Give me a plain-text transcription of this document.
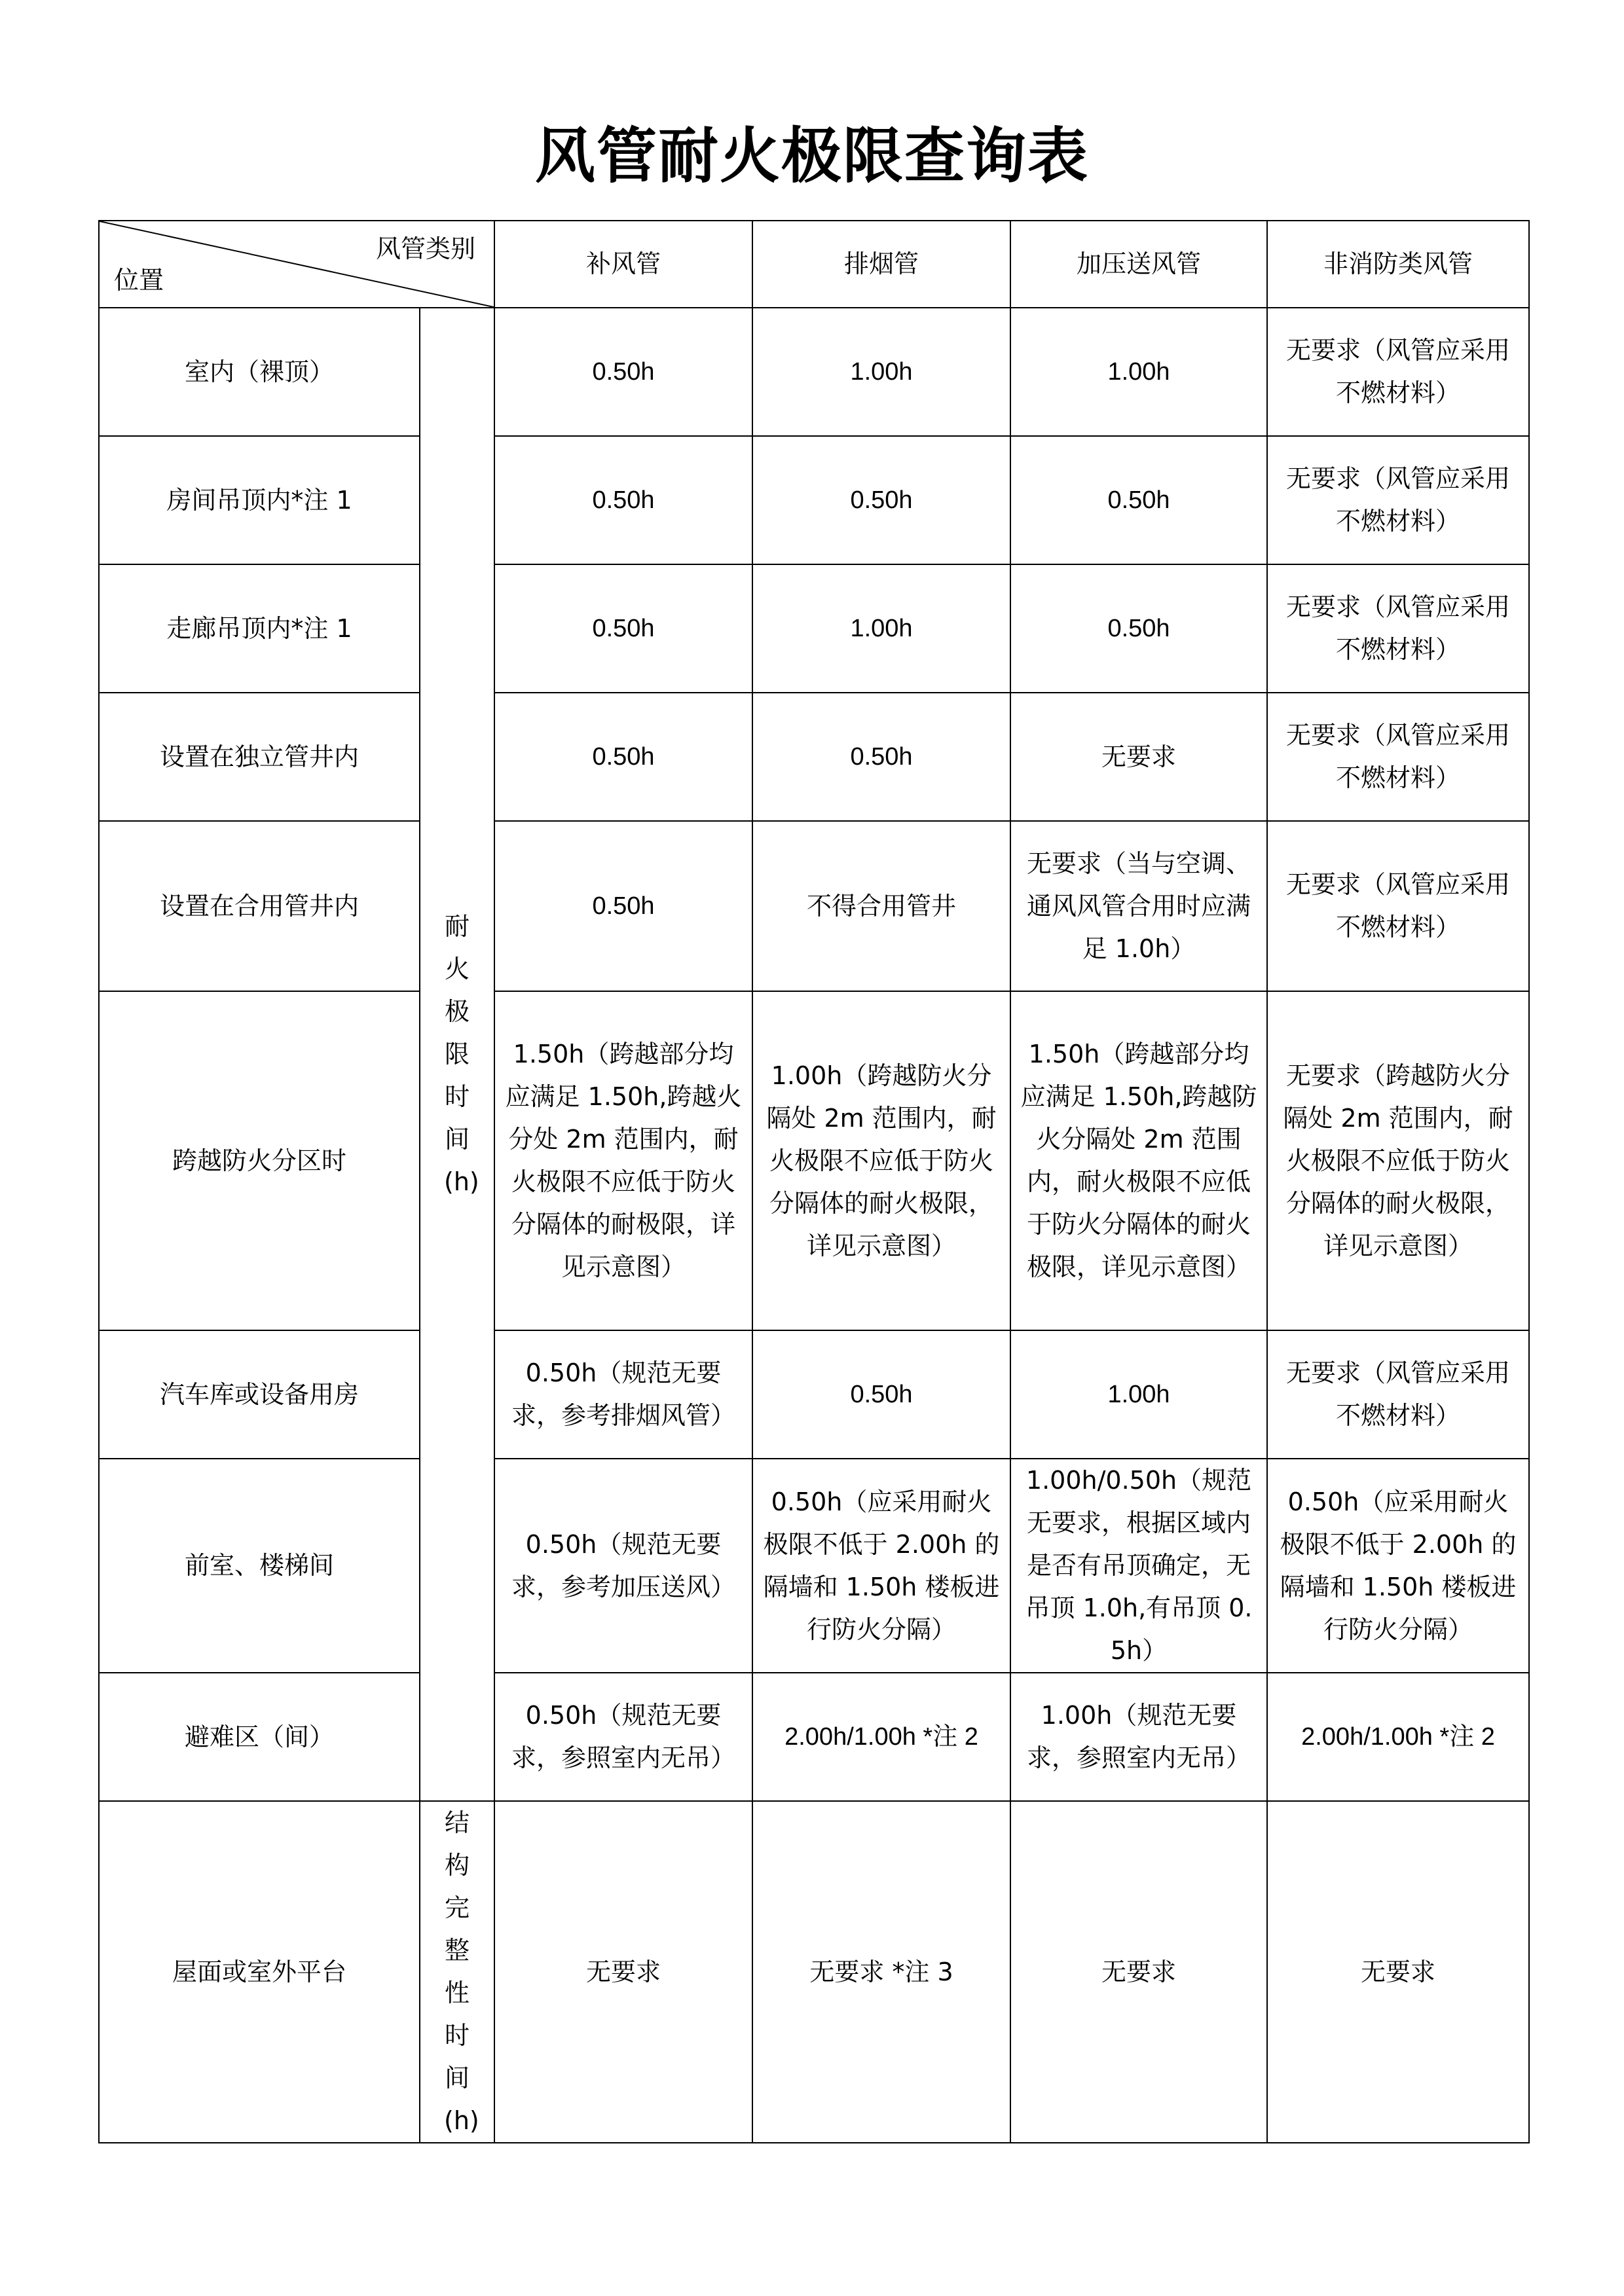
风管耐火极限查询表
风管类别
位置		补风管	排烟管	加压送风管	非消防类风管
室内（裸顶）	耐火极限时间(h)	0.50h	1.00h	1.00h	无要求（风管应采用不燃材料）
房间吊顶内*注 1		0.50h	0.50h	0.50h	无要求（风管应采用不燃材料）
走廊吊顶内*注 1		0.50h	1.00h	0.50h	无要求（风管应采用不燃材料）
设置在独立管井内		0.50h	0.50h	无要求	无要求（风管应采用不燃材料）
设置在合用管井内		0.50h	不得合用管井	无要求（当与空调、通风风管合用时应满足 1.0h）	无要求（风管应采用不燃材料）
跨越防火分区时		1.50h（跨越部分均应满足 1.50h,跨越火分处 2m 范围内，耐火极限不应低于防火分隔体的耐极限，详见示意图）	1.00h（跨越防火分隔处 2m 范围内，耐火极限不应低于防火分隔体的耐火极限，详见示意图）	1.50h（跨越部分均应满足 1.50h,跨越防火分隔处 2m 范围内，耐火极限不应低于防火分隔体的耐火极限，详见示意图）	无要求（跨越防火分隔处 2m 范围内，耐火极限不应低于防火分隔体的耐火极限，详见示意图）
汽车库或设备用房		0.50h（规范无要求，参考排烟风管）	0.50h	1.00h	无要求（风管应采用不燃材料）
前室、楼梯间		0.50h（规范无要求，参考加压送风）	0.50h（应采用耐火极限不低于 2.00h 的隔墙和 1.50h 楼板进行防火分隔）	1.00h/0.50h（规范无要求，根据区域内是否有吊顶确定，无吊顶 1.0h,有吊顶 0.5h）	0.50h（应采用耐火极限不低于 2.00h 的隔墙和 1.50h 楼板进行防火分隔）
避难区（间）		0.50h（规范无要求，参照室内无吊）	2.00h/1.00h *注 2	1.00h（规范无要求，参照室内无吊）	2.00h/1.00h *注 2
屋面或室外平台	结构完整性时间(h)	无要求	无要求 *注 3	无要求	无要求
